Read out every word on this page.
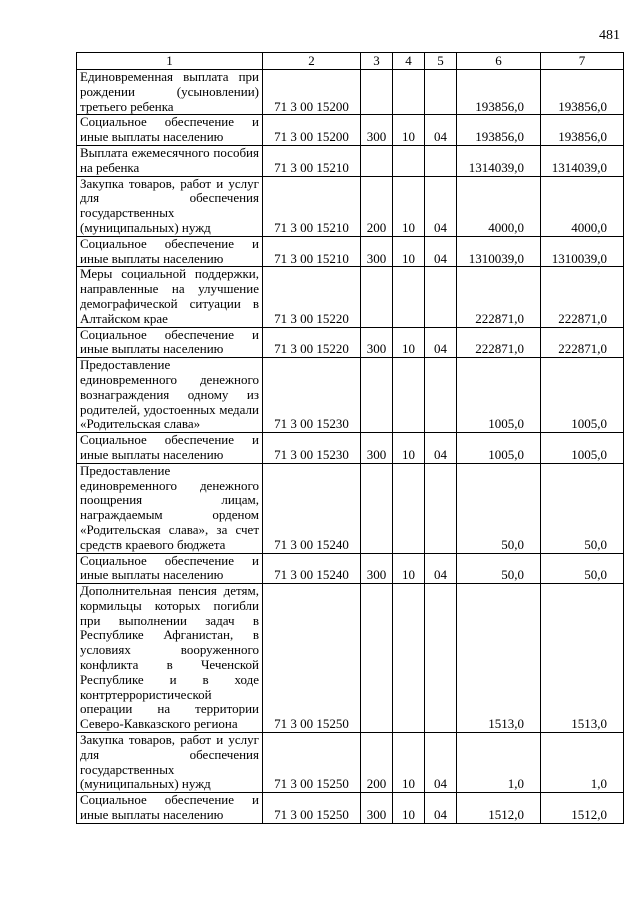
481
1	2	3	4	5	6	7
Единовременная выплата при рождении (усыновлении) третьего ребенка	71 3 00 15200				193856,0	193856,0
Социальное обеспечение и иные выплаты населению	71 3 00 15200	300	10	04	193856,0	193856,0
Выплата ежемесячного пособия на ребенка	71 3 00 15210				1314039,0	1314039,0
Закупка товаров, работ и услуг для обеспечения государственных (муниципальных) нужд	71 3 00 15210	200	10	04	4000,0	4000,0
Социальное обеспечение и иные выплаты населению	71 3 00 15210	300	10	04	1310039,0	1310039,0
Меры социальной поддержки, направленные на улучшение демографической ситуации в Алтайском крае	71 3 00 15220				222871,0	222871,0
Социальное обеспечение и иные выплаты населению	71 3 00 15220	300	10	04	222871,0	222871,0
Предоставление единовременного денежного вознаграждения одному из родителей, удостоенных медали «Родительская слава»	71 3 00 15230				1005,0	1005,0
Социальное обеспечение и иные выплаты населению	71 3 00 15230	300	10	04	1005,0	1005,0
Предоставление единовременного денежного поощрения лицам, награждаемым орденом «Родительская слава», за счет средств краевого бюджета	71 3 00 15240				50,0	50,0
Социальное обеспечение и иные выплаты населению	71 3 00 15240	300	10	04	50,0	50,0
Дополнительная пенсия детям, кормильцы которых погибли при выполнении задач в Республике Афганистан, в условиях вооруженного конфликта в Чеченской Республике и в ходе контртеррористической операции на территории Северо-Кавказского региона	71 3 00 15250				1513,0	1513,0
Закупка товаров, работ и услуг для обеспечения государственных (муниципальных) нужд	71 3 00 15250	200	10	04	1,0	1,0
Социальное обеспечение и иные выплаты населению	71 3 00 15250	300	10	04	1512,0	1512,0
